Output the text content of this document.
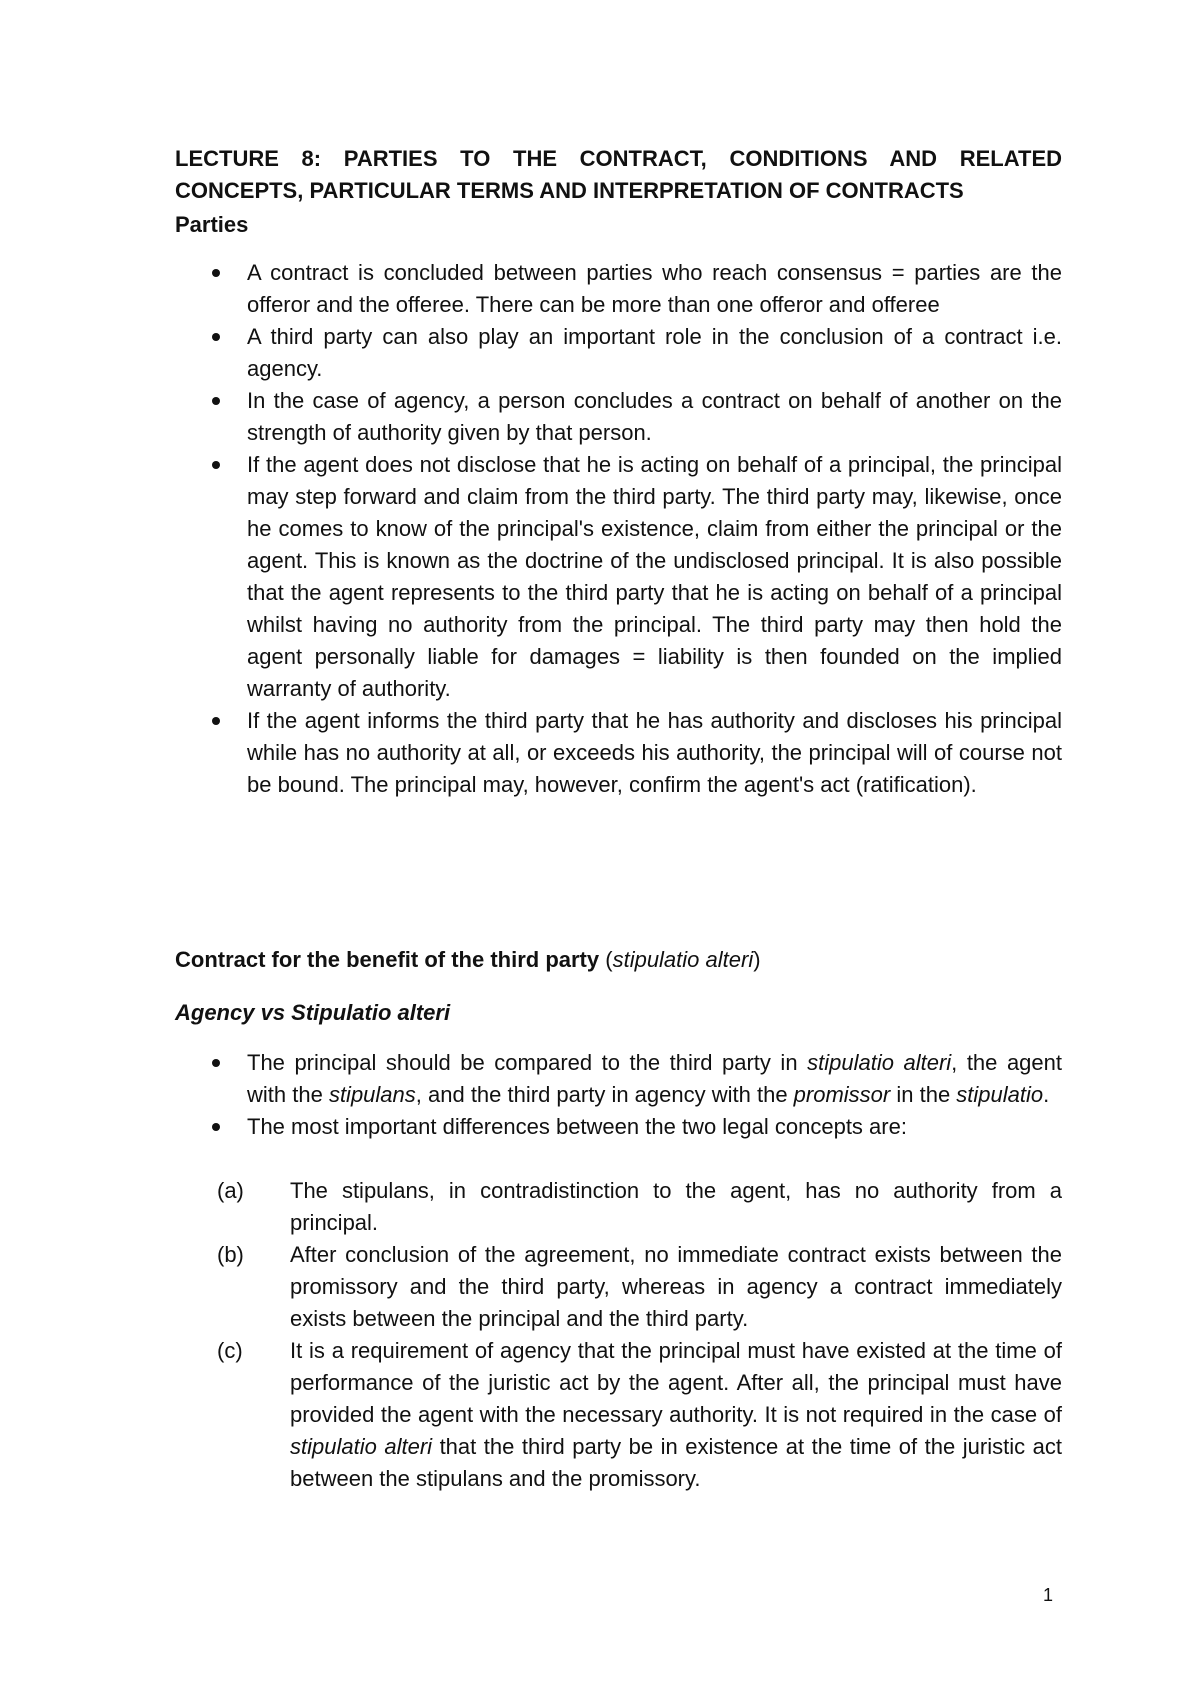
LECTURE 8: PARTIES TO THE CONTRACT, CONDITIONS AND RELATED CONCEPTS, PARTICULAR TERMS AND INTERPRETATION OF CONTRACTS
Parties
A contract is concluded between parties who reach consensus = parties are the offeror and the offeree. There can be more than one offeror and offeree
A third party can also play an important role in the conclusion of a contract i.e. agency.
In the case of agency, a person concludes a contract on behalf of another on the strength of authority given by that person.
If the agent does not disclose that he is acting on behalf of a principal, the principal may step forward and claim from the third party. The third party may, likewise, once he comes to know of the principal's existence, claim from either the principal or the agent. This is known as the doctrine of the undisclosed principal. It is also possible that the agent represents to the third party that he is acting on behalf of a principal whilst having no authority from the principal. The third party may then hold the agent personally liable for damages = liability is then founded on the implied warranty of authority.
If the agent informs the third party that he has authority and discloses his principal while has no authority at all, or exceeds his authority, the principal will of course not be bound. The principal may, however, confirm the agent's act (ratification).
Contract for the benefit of the third party (stipulatio alteri)
Agency vs Stipulatio alteri
The principal should be compared to the third party in stipulatio alteri, the agent with the stipulans, and the third party in agency with the promissor in the stipulatio.
The most important differences between the two legal concepts are:
(a) The stipulans, in contradistinction to the agent, has no authority from a principal.
(b) After conclusion of the agreement, no immediate contract exists between the promissory and the third party, whereas in agency a contract immediately exists between the principal and the third party.
(c) It is a requirement of agency that the principal must have existed at the time of performance of the juristic act by the agent. After all, the principal must have provided the agent with the necessary authority. It is not required in the case of stipulatio alteri that the third party be in existence at the time of the juristic act between the stipulans and the promissory.
1
